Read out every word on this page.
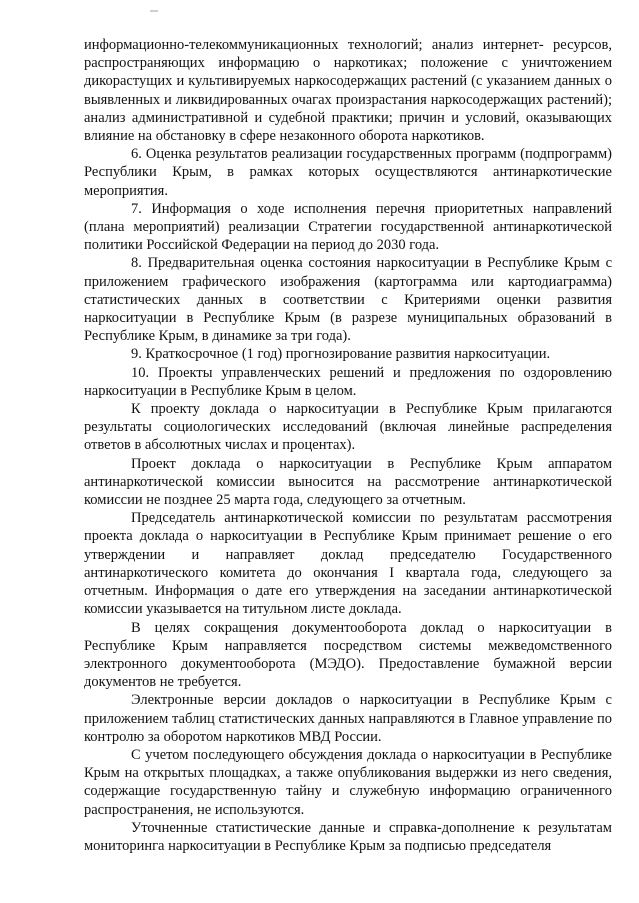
информационно-телекоммуникационных технологий; анализ интернет- ресурсов, распространяющих информацию о наркотиках; положение с уничтожением дикорастущих и культивируемых наркосодержащих растений (с указанием данных о выявленных и ликвидированных очагах произрастания наркосодержащих растений); анализ административной и судебной практики; причин и условий, оказывающих влияние на обстановку в сфере незаконного оборота наркотиков.

6. Оценка результатов реализации государственных программ (подпрограмм) Республики Крым, в рамках которых осуществляются антинаркотические мероприятия.

7. Информация о ходе исполнения перечня приоритетных направлений (плана мероприятий) реализации Стратегии государственной антинаркотической политики Российской Федерации на период до 2030 года.

8. Предварительная оценка состояния наркоситуации в Республике Крым с приложением графического изображения (картограмма или картодиаграмма) статистических данных в соответствии с Критериями оценки развития наркоситуации в Республике Крым (в разрезе муниципальных образований в Республике Крым, в динамике за три года).

9. Краткосрочное (1 год) прогнозирование развития наркоситуации.

10. Проекты управленческих решений и предложения по оздоровлению наркоситуации в Республике Крым в целом.

К проекту доклада о наркоситуации в Республике Крым прилагаются результаты социологических исследований (включая линейные распределения ответов в абсолютных числах и процентах).

Проект доклада о наркоситуации в Республике Крым аппаратом антинаркотической комиссии выносится на рассмотрение антинаркотической комиссии не позднее 25 марта года, следующего за отчетным.

Председатель антинаркотической комиссии по результатам рассмотрения проекта доклада о наркоситуации в Республике Крым принимает решение о его утверждении и направляет доклад председателю Государственного антинаркотического комитета до окончания I квартала года, следующего за отчетным. Информация о дате его утверждения на заседании антинаркотической комиссии указывается на титульном листе доклада.

В целях сокращения документооборота доклад о наркоситуации в Республике Крым направляется посредством системы межведомственного электронного документооборота (МЭДО). Предоставление бумажной версии документов не требуется.

Электронные версии докладов о наркоситуации в Республике Крым с приложением таблиц статистических данных направляются в Главное управление по контролю за оборотом наркотиков МВД России.

С учетом последующего обсуждения доклада о наркоситуации в Республике Крым на открытых площадках, а также опубликования выдержки из него сведения, содержащие государственную тайну и служебную информацию ограниченного распространения, не используются.

Уточненные статистические данные и справка-дополнение к результатам мониторинга наркоситуации в Республике Крым за подписью председателя
